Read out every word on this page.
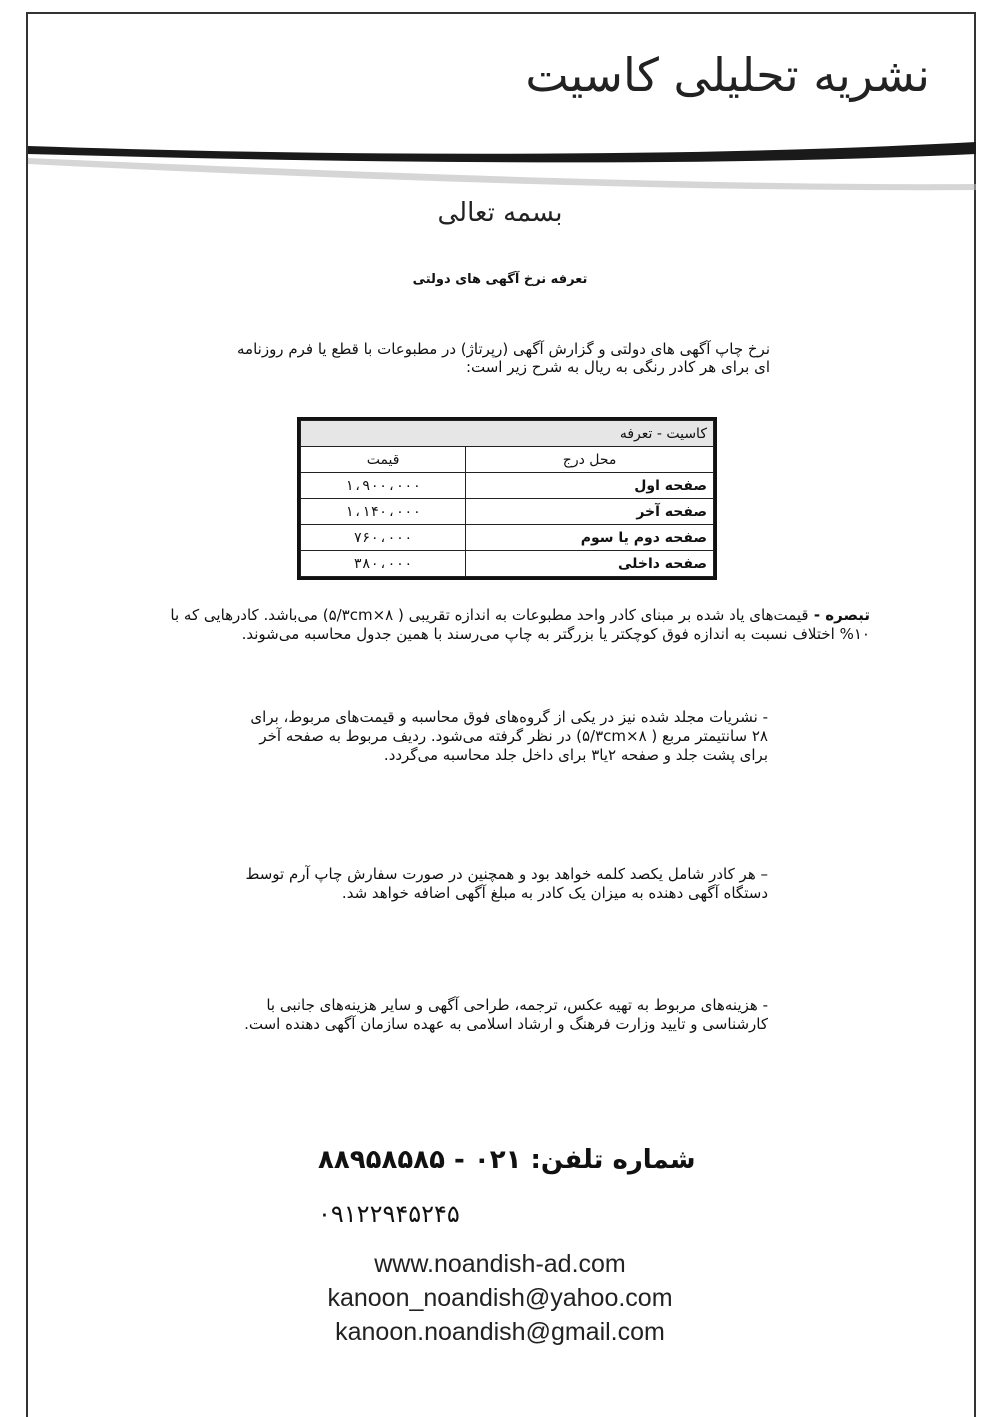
نشریه تحلیلی کاسیت
بسمه تعالی
تعرفه نرخ آگهی های دولتی
نرخ چاپ آگهی های دولتی و گزارش آگهی (رپرتاژ) در مطبوعات با قطع یا فرم روزنامه ای برای هر کادر رنگی به ریال به شرح زیر است:
کاسیت - تعرفه	
محل درج	قیمت
صفحه اول	۱،۹۰۰،۰۰۰
صفحه آخر	۱،۱۴۰،۰۰۰
صفحه دوم یا سوم	۷۶۰،۰۰۰
صفحه داخلی	۳۸۰،۰۰۰
تبصره - قیمت‌های یاد شده بر مبنای کادر واحد مطبوعات به اندازه تقریبی ( ۸×۵/۳cm) می‌باشد. کادرهایی که با ۱۰% اختلاف نسبت به اندازه فوق کوچکتر یا بزرگتر به چاپ می‌رسند با همین جدول محاسبه می‌شوند.
- نشریات مجلد شده نیز در یکی از گروه‌های فوق محاسبه و قیمت‌های مربوط، برای ۲۸ سانتیمتر مربع ( ۸×۵/۳cm) در نظر گرفته می‌شود. ردیف مربوط به صفحه آخر برای پشت جلد و صفحه ۲یا۳ برای داخل جلد محاسبه می‌گردد.
– هر کادر شامل یکصد کلمه خواهد بود و همچنین در صورت سفارش چاپ آرم توسط دستگاه آگهی دهنده به میزان یک کادر به مبلغ آگهی اضافه خواهد شد.
- هزینه‌های مربوط به تهیه عکس، ترجمه، طراحی آگهی و سایر هزینه‌های جانبی با کارشناسی و تایید وزارت فرهنگ و ارشاد اسلامی به عهده سازمان آگهی دهنده است.
شماره تلفن: ۰۲۱ - ۸۸۹۵۸۵۸۵
۰۹۱۲۲۹۴۵۲۴۵
www.noandish-ad.com
kanoon_noandish@yahoo.com
kanoon.noandish@gmail.com
